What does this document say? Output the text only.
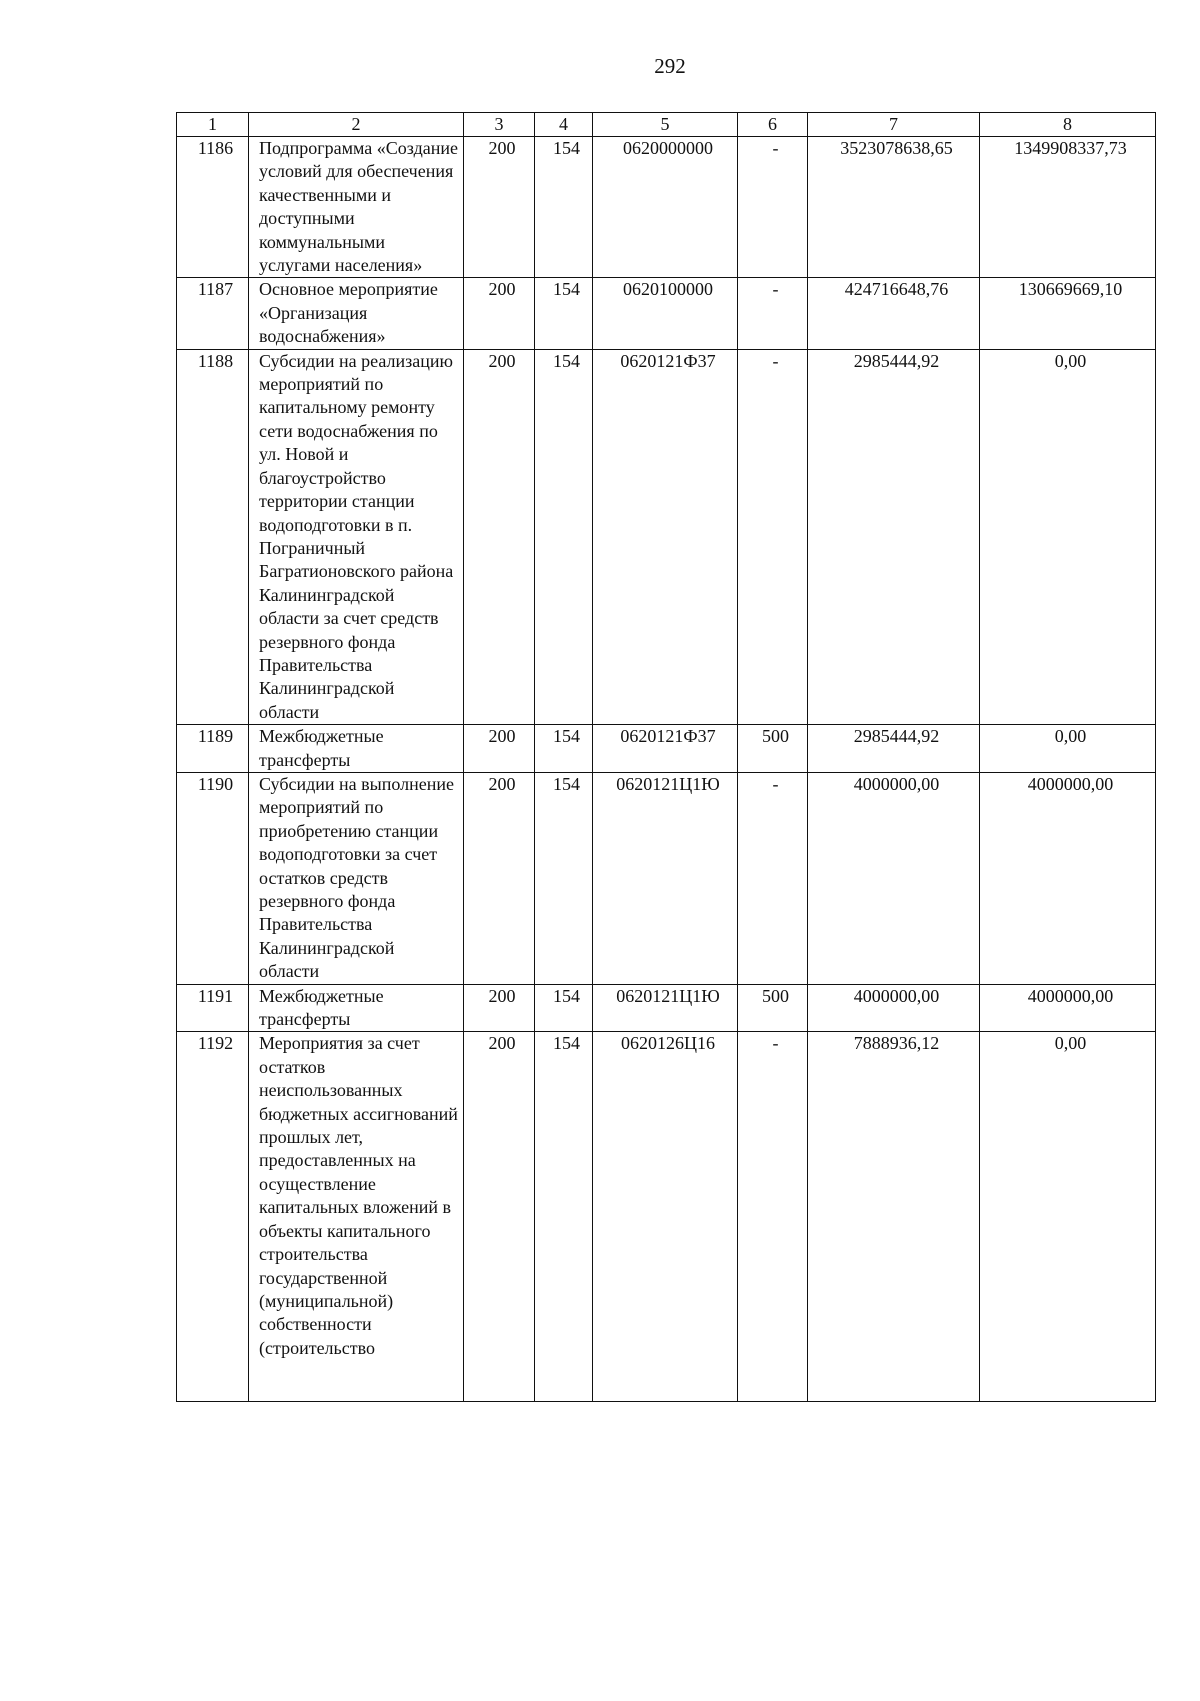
292
1	2	3	4	5	6	7	8
1186	Подпрограмма «Создание условий для обеспечения качественными и доступными коммунальными услугами населения»	200	154	0620000000	-	3523078638,65	1349908337,73
1187	Основное мероприятие «Организация водоснабжения»	200	154	0620100000	-	424716648,76	130669669,10
1188	Субсидии на реализацию мероприятий по капитальному ремонту сети водоснабжения по ул. Новой и благоустройство территории станции водоподготовки в п. Пограничный Багратионовского района Калининградской области за счет средств резервного фонда Правительства Калининградской области	200	154	0620121Ф37	-	2985444,92	0,00
1189	Межбюджетные трансферты	200	154	0620121Ф37	500	2985444,92	0,00
1190	Субсидии на выполнение мероприятий по приобретению станции водоподготовки за счет остатков средств резервного фонда Правительства Калининградской области	200	154	0620121Ц1Ю	-	4000000,00	4000000,00
1191	Межбюджетные трансферты	200	154	0620121Ц1Ю	500	4000000,00	4000000,00
1192	Мероприятия за счет остатков неиспользованных бюджетных ассигнований прошлых лет, предоставленных на осуществление капитальных вложений в объекты капитального строительства государственной (муниципальной) собственности (строительство	200	154	0620126Ц16	-	7888936,12	0,00
